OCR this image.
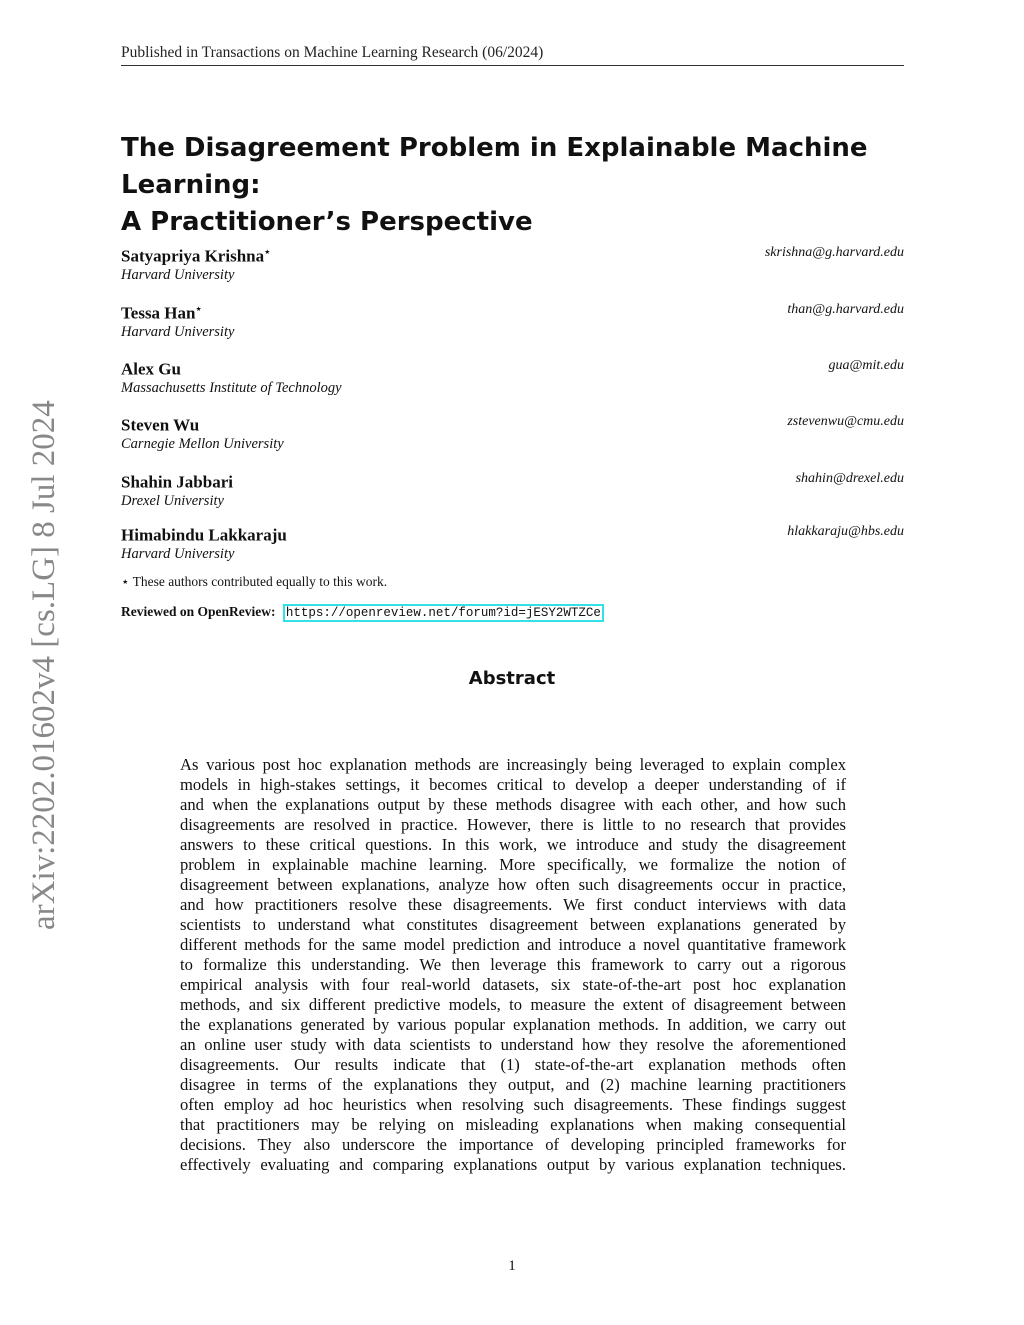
Published in Transactions on Machine Learning Research (06/2024)
The Disagreement Problem in Explainable Machine Learning:
A Practitioner’s Perspective
Satyapriya Krishna⋆
Harvard University
skrishna@g.harvard.edu
Tessa Han⋆
Harvard University
than@g.harvard.edu
Alex Gu
Massachusetts Institute of Technology
gua@mit.edu
Steven Wu
Carnegie Mellon University
zstevenwu@cmu.edu
Shahin Jabbari
Drexel University
shahin@drexel.edu
Himabindu Lakkaraju
Harvard University
hlakkaraju@hbs.edu
⋆ These authors contributed equally to this work.
Reviewed on OpenReview: https://openreview.net/forum?id=jESY2WTZCe
Abstract
As various post hoc explanation methods are increasingly being leveraged to explain complex
models in high-stakes settings, it becomes critical to develop a deeper understanding of if
and when the explanations output by these methods disagree with each other, and how such
disagreements are resolved in practice. However, there is little to no research that provides
answers to these critical questions. In this work, we introduce and study the disagreement
problem in explainable machine learning. More specifically, we formalize the notion of
disagreement between explanations, analyze how often such disagreements occur in practice,
and how practitioners resolve these disagreements. We first conduct interviews with data
scientists to understand what constitutes disagreement between explanations generated by
different methods for the same model prediction and introduce a novel quantitative framework
to formalize this understanding. We then leverage this framework to carry out a rigorous
empirical analysis with four real-world datasets, six state-of-the-art post hoc explanation
methods, and six different predictive models, to measure the extent of disagreement between
the explanations generated by various popular explanation methods. In addition, we carry out
an online user study with data scientists to understand how they resolve the aforementioned
disagreements. Our results indicate that (1) state-of-the-art explanation methods often
disagree in terms of the explanations they output, and (2) machine learning practitioners
often employ ad hoc heuristics when resolving such disagreements. These findings suggest
that practitioners may be relying on misleading explanations when making consequential
decisions. They also underscore the importance of developing principled frameworks for
effectively evaluating and comparing explanations output by various explanation techniques.
arXiv:2202.01602v4 [cs.LG] 8 Jul 2024
1
